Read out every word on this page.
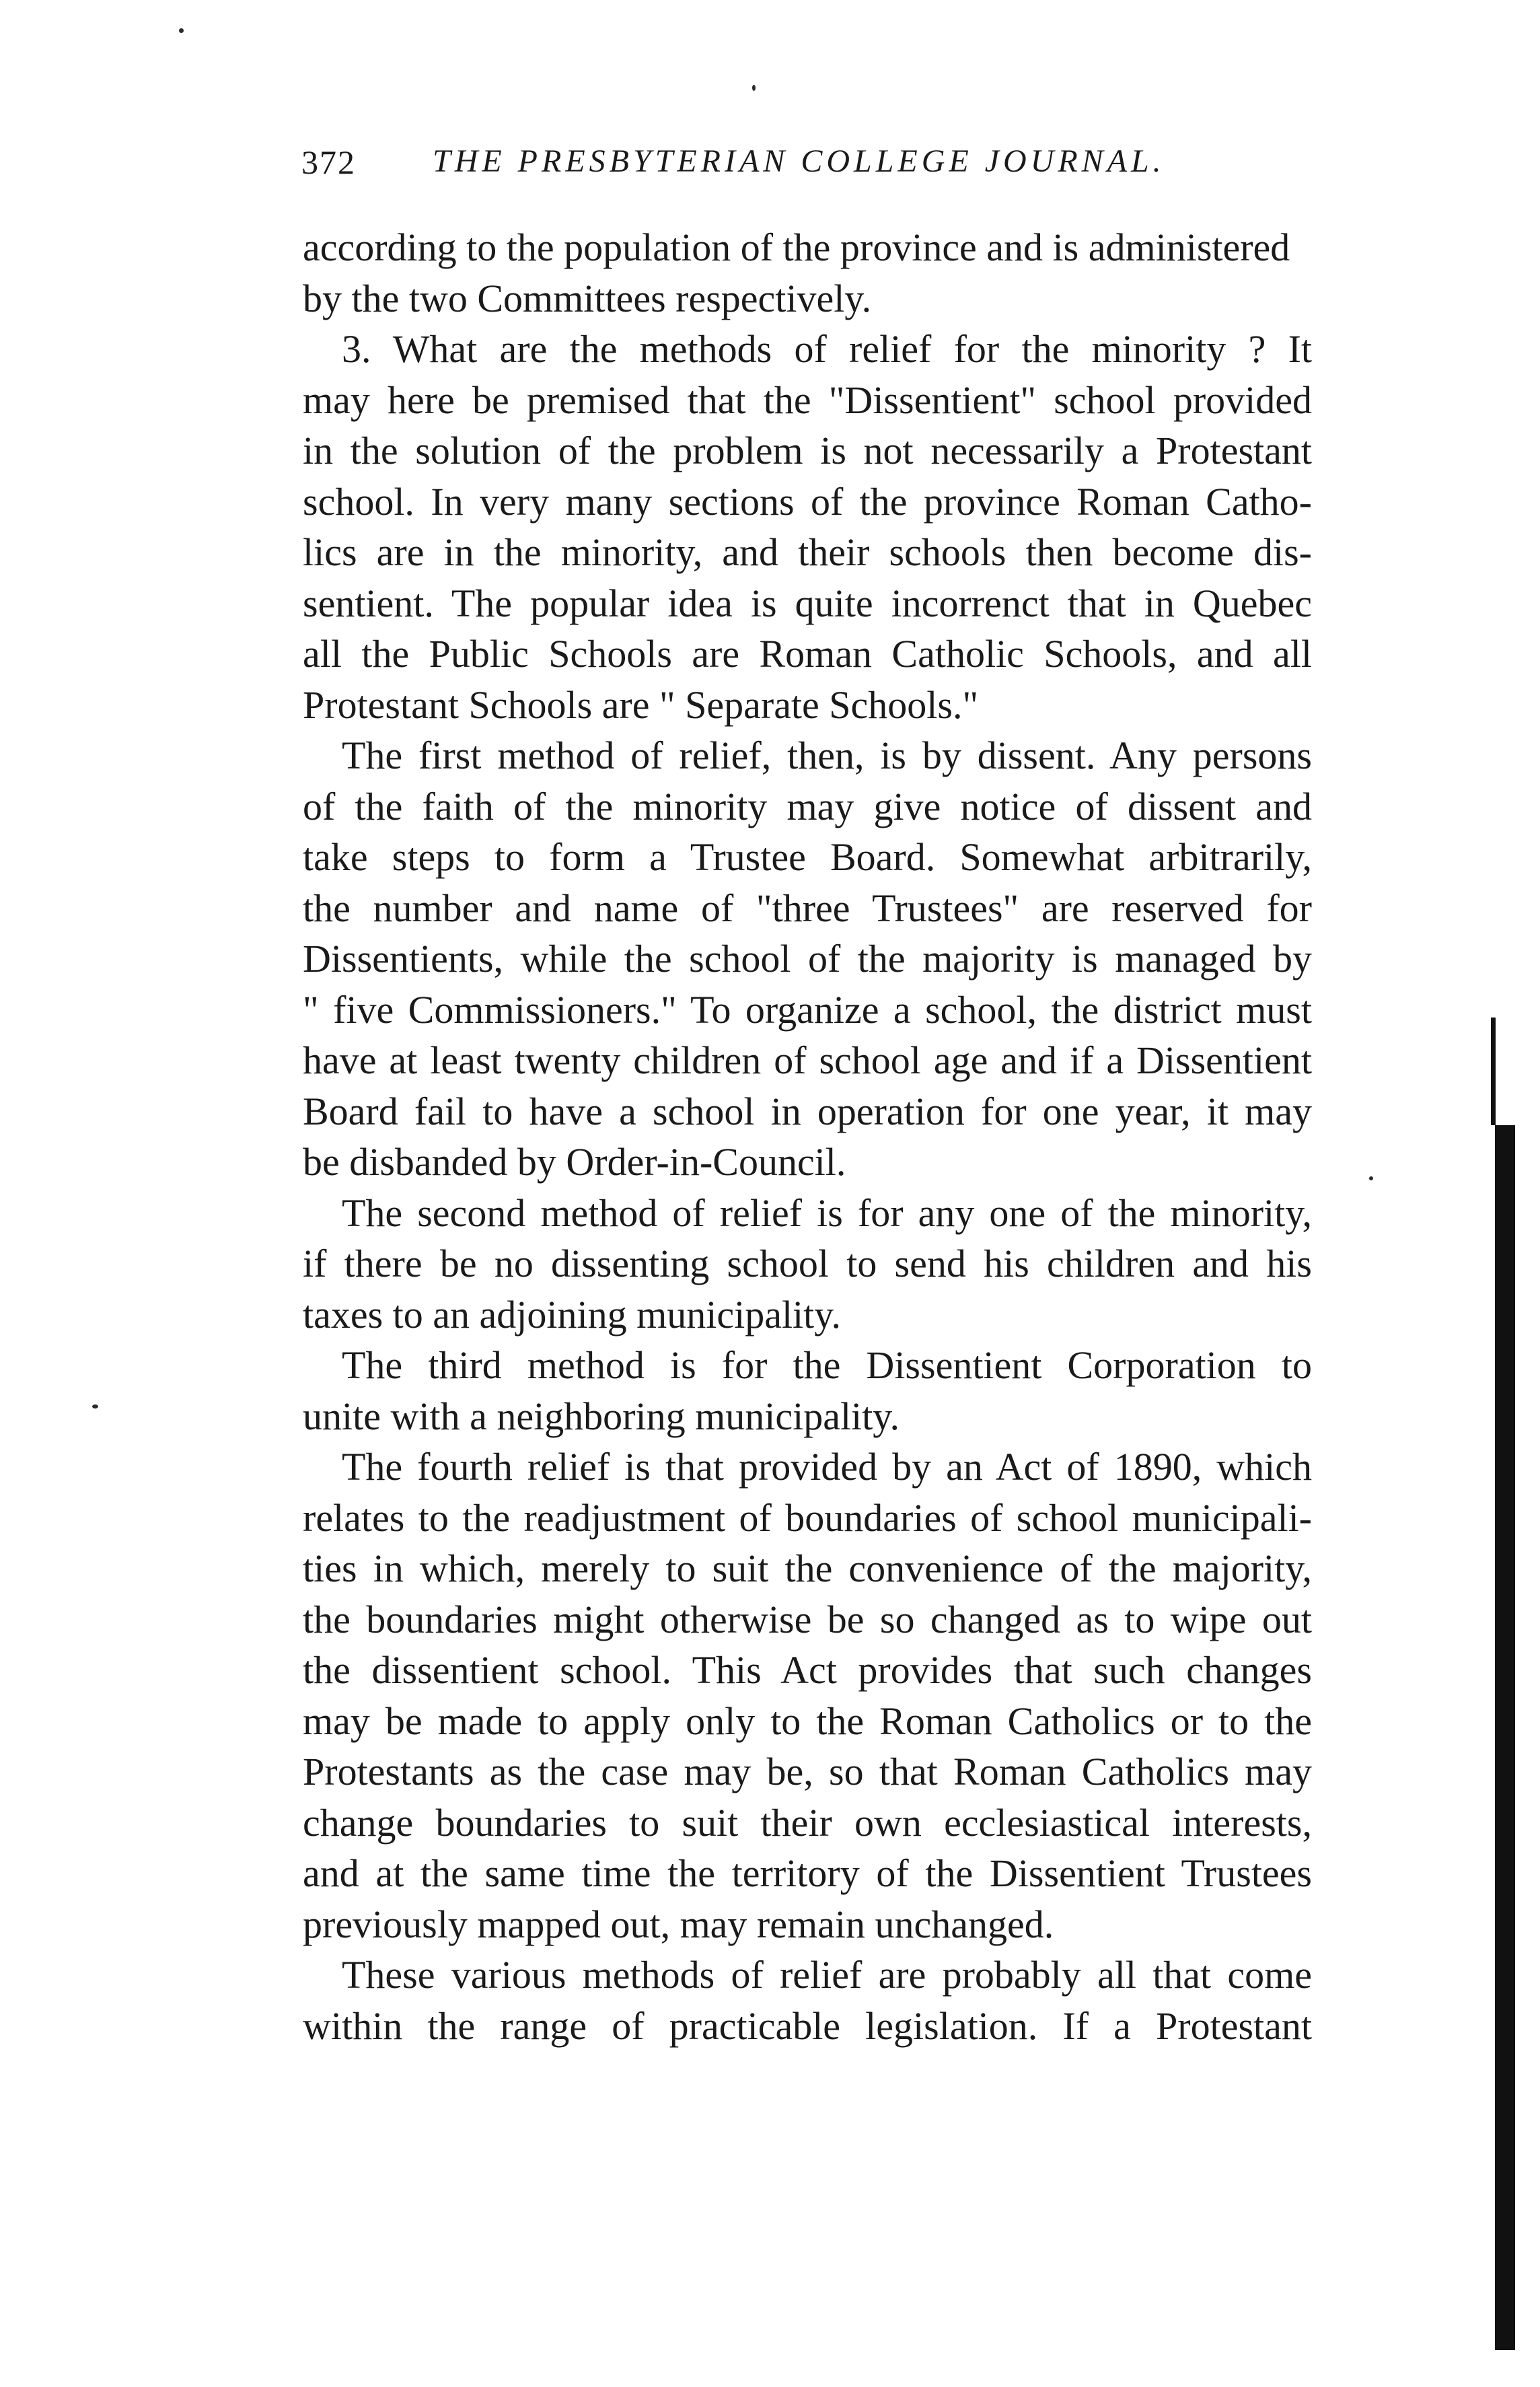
372 THE PRESBYTERIAN COLLEGE JOURNAL.
according to the population of the province and is administered
by the two Committees respectively.
3. What are the methods of relief for the minority ? It
may here be premised that the "Dissentient" school provided
in the solution of the problem is not necessarily a Protestant
school. In very many sections of the province Roman Catho-
lics are in the minority, and their schools then become dis-
sentient. The popular idea is quite incorrenct that in Quebec
all the Public Schools are Roman Catholic Schools, and all
Protestant Schools are " Separate Schools."
The first method of relief, then, is by dissent. Any persons
of the faith of the minority may give notice of dissent and
take steps to form a Trustee Board. Somewhat arbitrarily,
the number and name of "three Trustees" are reserved for
Dissentients, while the school of the majority is managed by
" five Commissioners." To organize a school, the district must
have at least twenty children of school age and if a Dissentient
Board fail to have a school in operation for one year, it may
be disbanded by Order-in-Council.
The second method of relief is for any one of the minority,
if there be no dissenting school to send his children and his
taxes to an adjoining municipality.
The third method is for the Dissentient Corporation to
unite with a neighboring municipality.
The fourth relief is that provided by an Act of 1890, which
relates to the readjustment of boundaries of school municipali-
ties in which, merely to suit the convenience of the majority,
the boundaries might otherwise be so changed as to wipe out
the dissentient school. This Act provides that such changes
may be made to apply only to the Roman Catholics or to the
Protestants as the case may be, so that Roman Catholics may
change boundaries to suit their own ecclesiastical interests,
and at the same time the territory of the Dissentient Trustees
previously mapped out, may remain unchanged.
These various methods of relief are probably all that come
within the range of practicable legislation. If a Protestant
